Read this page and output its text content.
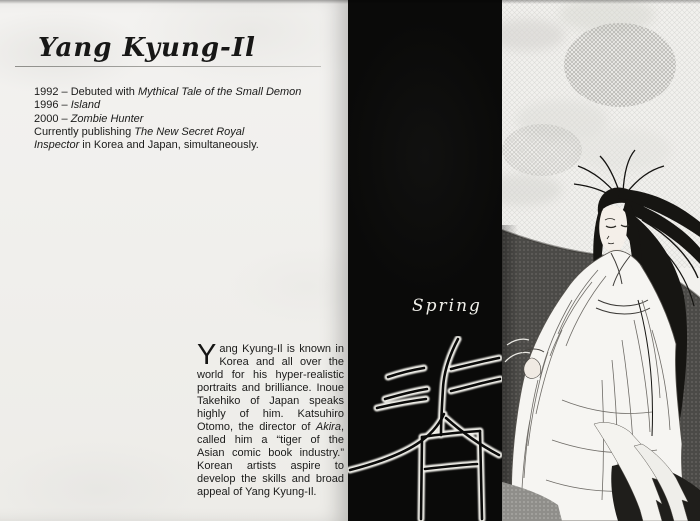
Yang Kyung-Il
1992 – Debuted with Mythical Tale of the Small Demon
1996 – Island
2000 – Zombie Hunter
Currently publishing The New Secret Royal
Inspector in Korea and Japan, simultaneously.

Yang Kyung-Il is known in Korea and all over the world for his hyper-realistic portraits and brilliance. Inoue Takehiko of Japan speaks highly of him. Katsuhiro Otomo, the director of Akira, called him a “tiger of the Asian comic book industry.” Korean artists aspire to develop the skills and broad appeal of Yang Kyung-Il.

Spring
